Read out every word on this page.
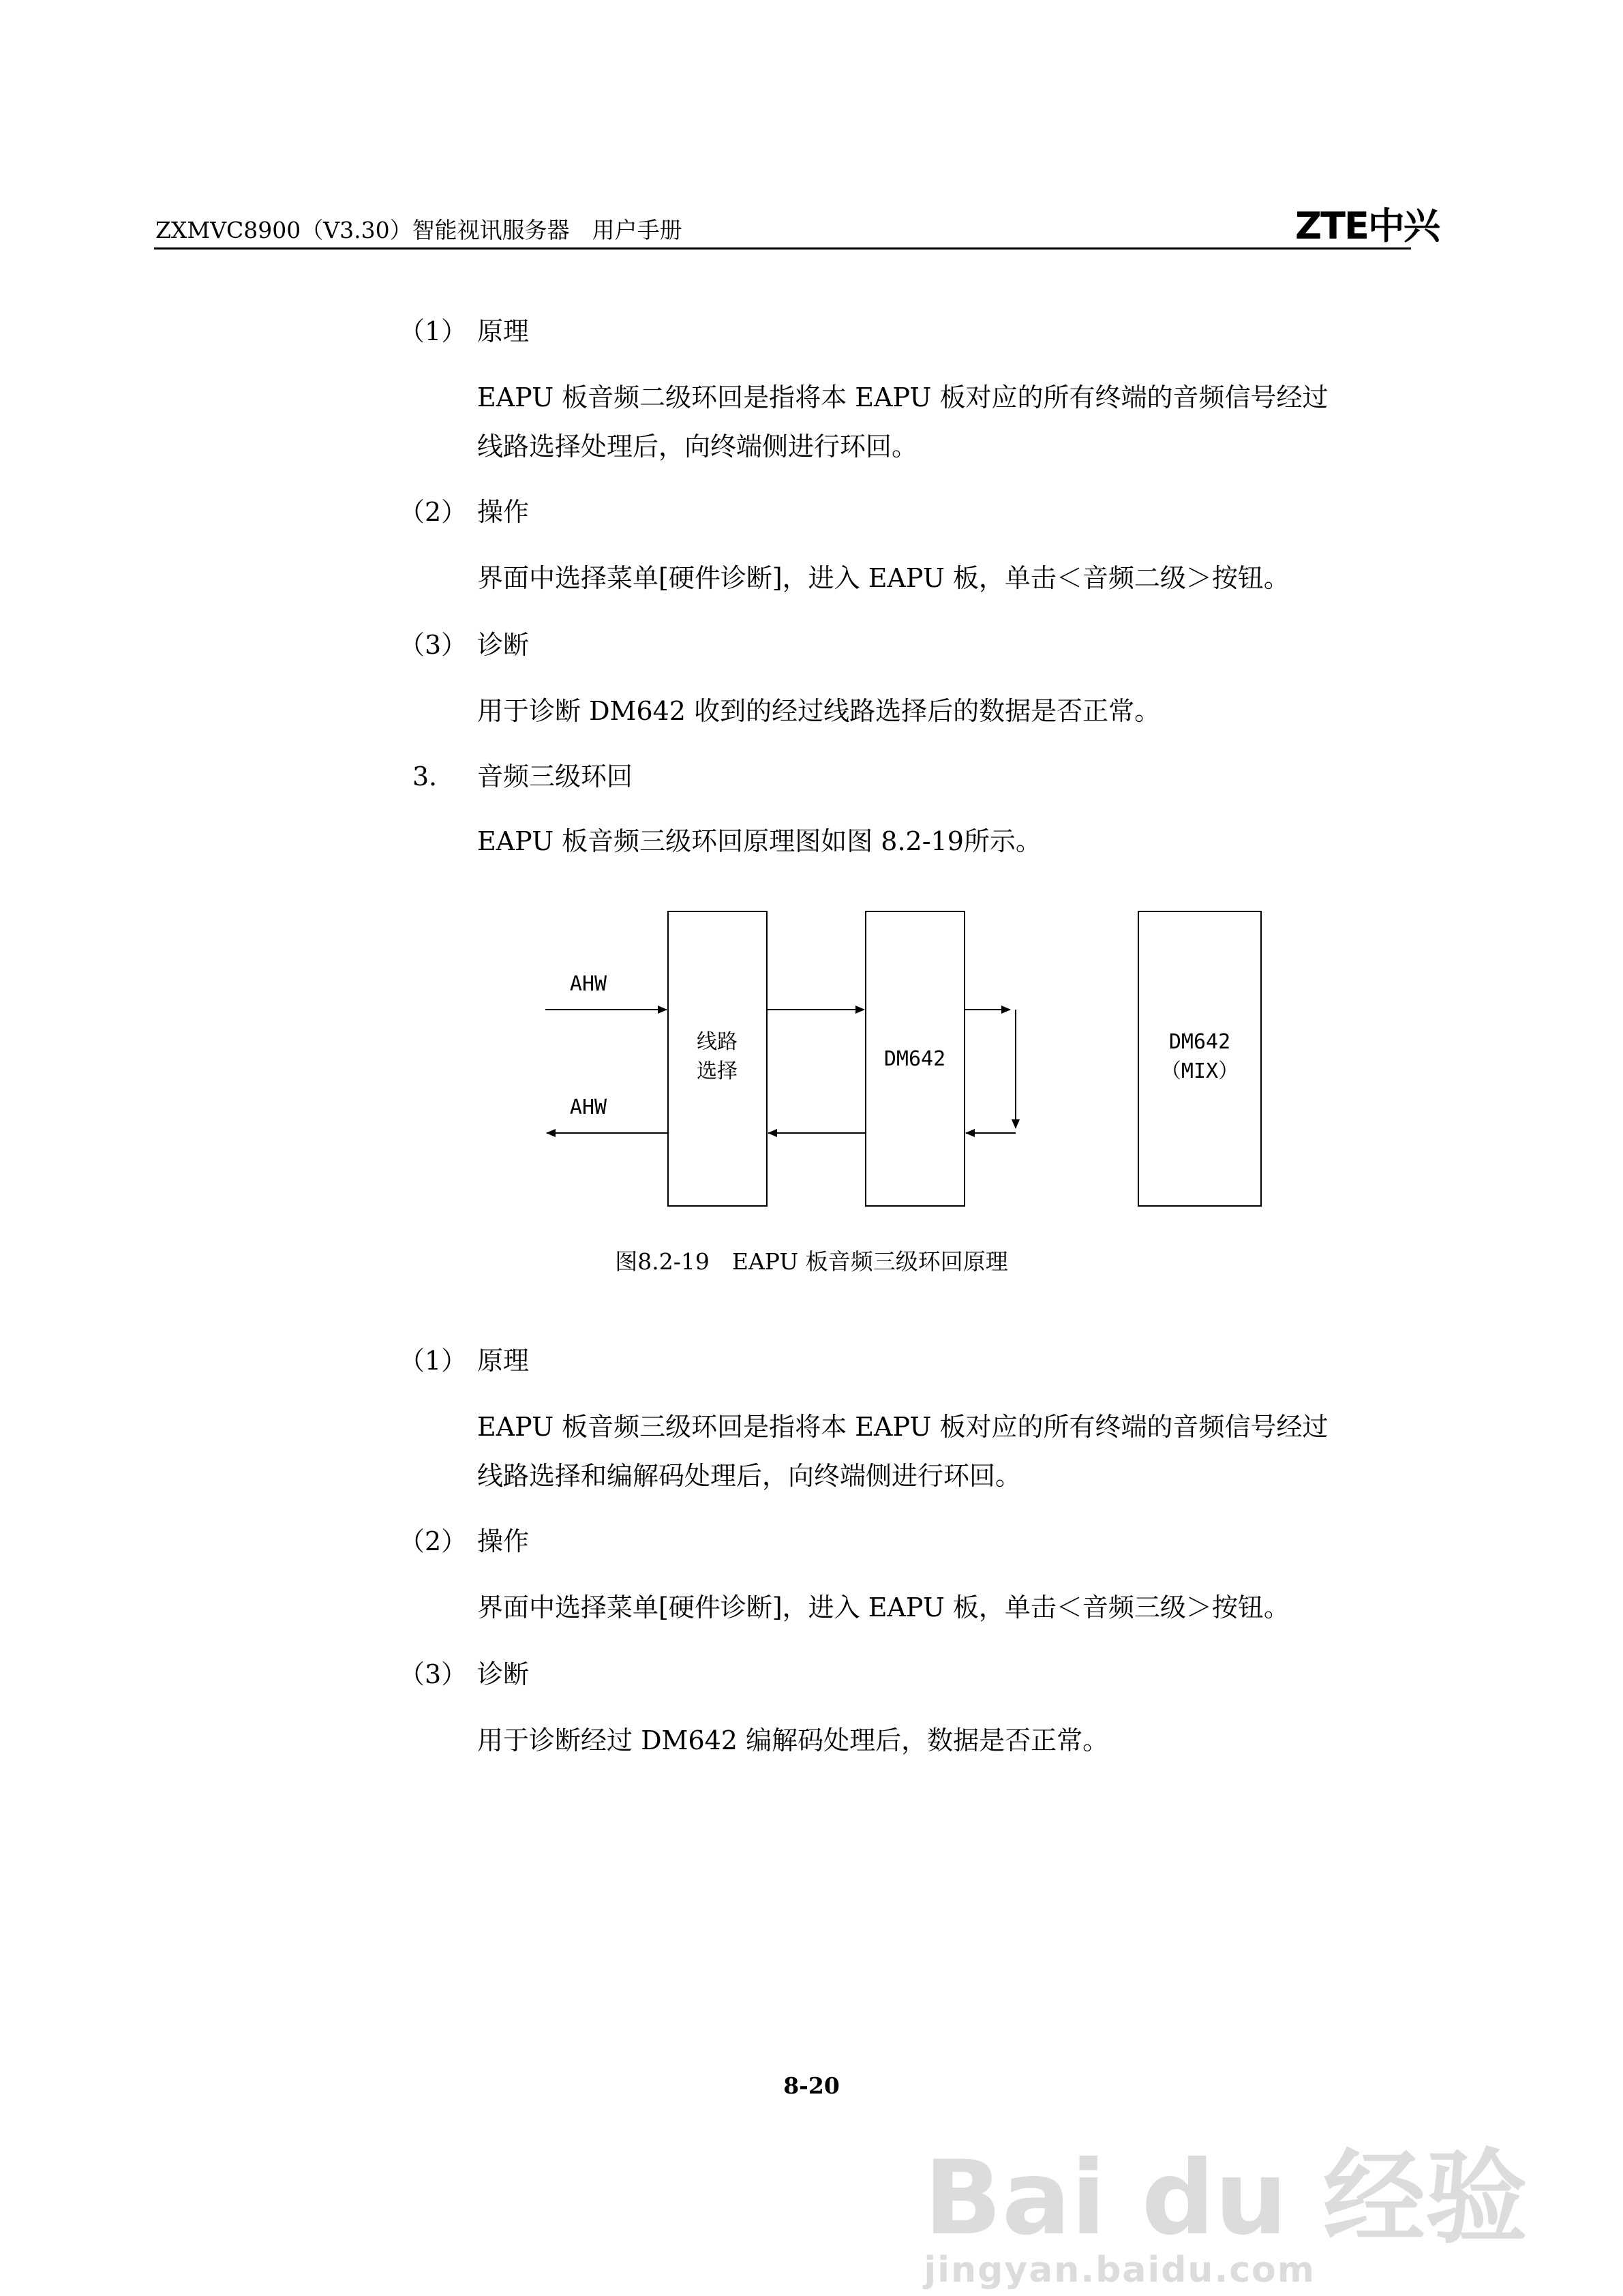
ZXMVC8900（V3.30）智能视讯服务器　用户手册	ZTE中兴
（1） 原理
EAPU 板音频二级环回是指将本 EAPU 板对应的所有终端的音频信号经过
线路选择处理后，向终端侧进行环回。
（2） 操作
界面中选择菜单[硬件诊断]，进入 EAPU 板，单击＜音频二级＞按钮。
（3） 诊断
用于诊断 DM642 收到的经过线路选择后的数据是否正常。
3． 音频三级环回
EAPU 板音频三级环回原理图如图 8.2-19所示。
AHW
AHW
线路
选择
DM642
DM642
（MIX）
图8.2-19　EAPU 板音频三级环回原理
（1） 原理
EAPU 板音频三级环回是指将本 EAPU 板对应的所有终端的音频信号经过
线路选择和编解码处理后，向终端侧进行环回。
（2） 操作
界面中选择菜单[硬件诊断]，进入 EAPU 板，单击＜音频三级＞按钮。
（3） 诊断
用于诊断经过 DM642 编解码处理后，数据是否正常。
8-20
Bai du 经验
jingyan.baidu.com
